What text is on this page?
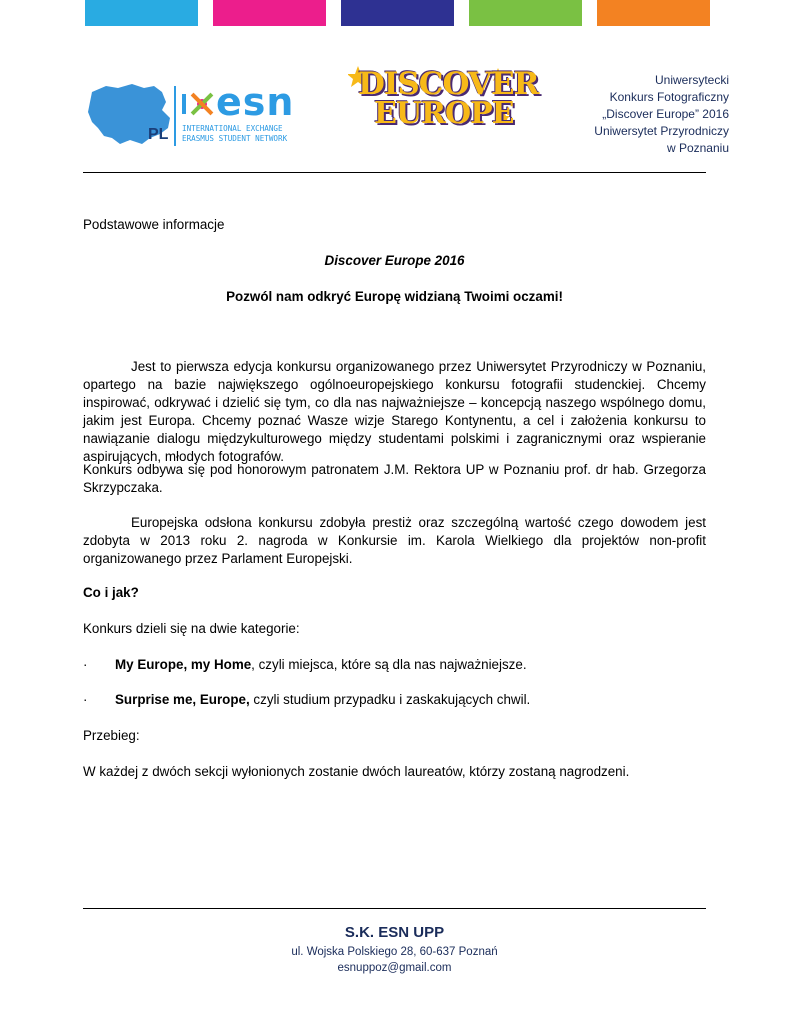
PL
esn
INTERNATIONAL EXCHANGE
ERASMUS STUDENT NETWORK
DISCOVER
EUROPE
Uniwersytecki
Konkurs Fotograficzny
„Discover Europe” 2016
Uniwersytet Przyrodniczy
w Poznaniu
Podstawowe informacje
Discover Europe 2016
Pozwól nam odkryć Europę widzianą Twoimi oczami!
Jest to pierwsza edycja konkursu organizowanego przez Uniwersytet Przyrodniczy w Poznaniu, opartego na bazie największego ogólnoeuropejskiego konkursu fotografii studenckiej. Chcemy inspirować, odkrywać i dzielić się tym, co dla nas najważniejsze – koncepcją naszego wspólnego domu, jakim jest Europa. Chcemy poznać Wasze wizje Starego Kontynentu, a cel i założenia konkursu to nawiązanie dialogu międzykulturowego między studentami polskimi i zagranicznymi oraz wspieranie aspirujących, młodych fotografów.
Konkurs odbywa się pod honorowym patronatem J.M. Rektora UP w Poznaniu prof. dr hab. Grzegorza Skrzypczaka.
Europejska odsłona konkursu zdobyła prestiż oraz szczególną wartość czego dowodem jest zdobyta w 2013 roku 2. nagroda w Konkursie im. Karola Wielkiego dla projektów non-profit organizowanego przez Parlament Europejski.
Co i jak?
Konkurs dzieli się na dwie kategorie:
· My Europe, my Home, czyli miejsca, które są dla nas najważniejsze.
· Surprise me, Europe, czyli studium przypadku i zaskakujących chwil.
Przebieg:
W każdej z dwóch sekcji wyłonionych zostanie dwóch laureatów, którzy zostaną nagrodzeni.
S.K. ESN UPP
ul. Wojska Polskiego 28, 60-637 Poznań
esnuppoz@gmail.com
